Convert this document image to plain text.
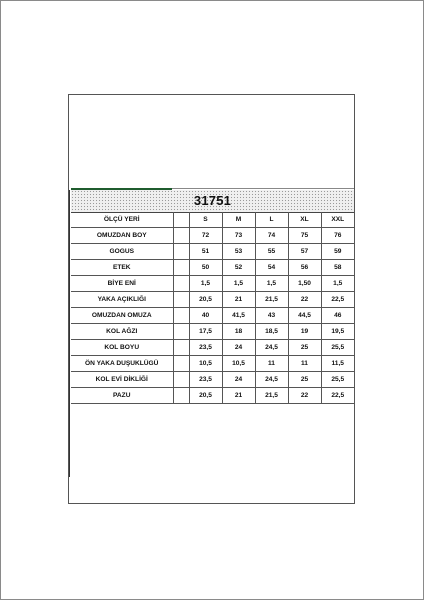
31751
ÖLÇÜ YERİ		S	M	L	XL	XXL
OMUZDAN BOY		72	73	74	75	76
GOGUS		51	53	55	57	59
ETEK		50	52	54	56	58
BİYE ENİ		1,5	1,5	1,5	1,50	1,5
YAKA AÇIKLIĞI		20,5	21	21,5	22	22,5
OMUZDAN OMUZA		40	41,5	43	44,5	46
KOL AĞZI		17,5	18	18,5	19	19,5
KOL BOYU		23,5	24	24,5	25	25,5
ÖN YAKA DUŞUKLÜGÜ		10,5	10,5	11	11	11,5
KOL EVİ DİKLİĞİ		23,5	24	24,5	25	25,5
PAZU		20,5	21	21,5	22	22,5
